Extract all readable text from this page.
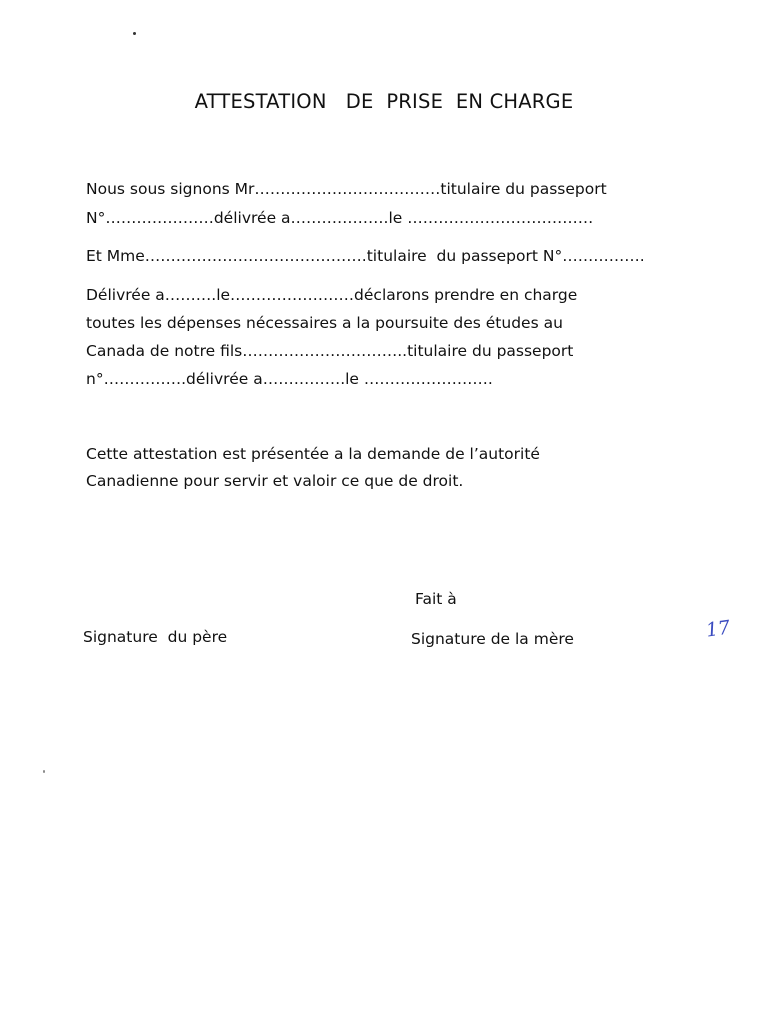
ATTESTATION   DE  PRISE  EN CHARGE
Nous sous signons Mr………………………………titulaire du passeport
N°…………………délivrée a……………….le ………………………………
Et Mme…………………………………….titulaire  du passeport N°…………….
Délivrée a……….le……………………déclarons prendre en charge
toutes les dépenses nécessaires a la poursuite des études au
Canada de notre fils…………………………..titulaire du passeport
n°…………….délivrée a…………….le …………………….
Cette attestation est présentée a la demande de l’autorité
Canadienne pour servir et valoir ce que de droit.
Fait à
Signature  du père	Signature de la mère	17
